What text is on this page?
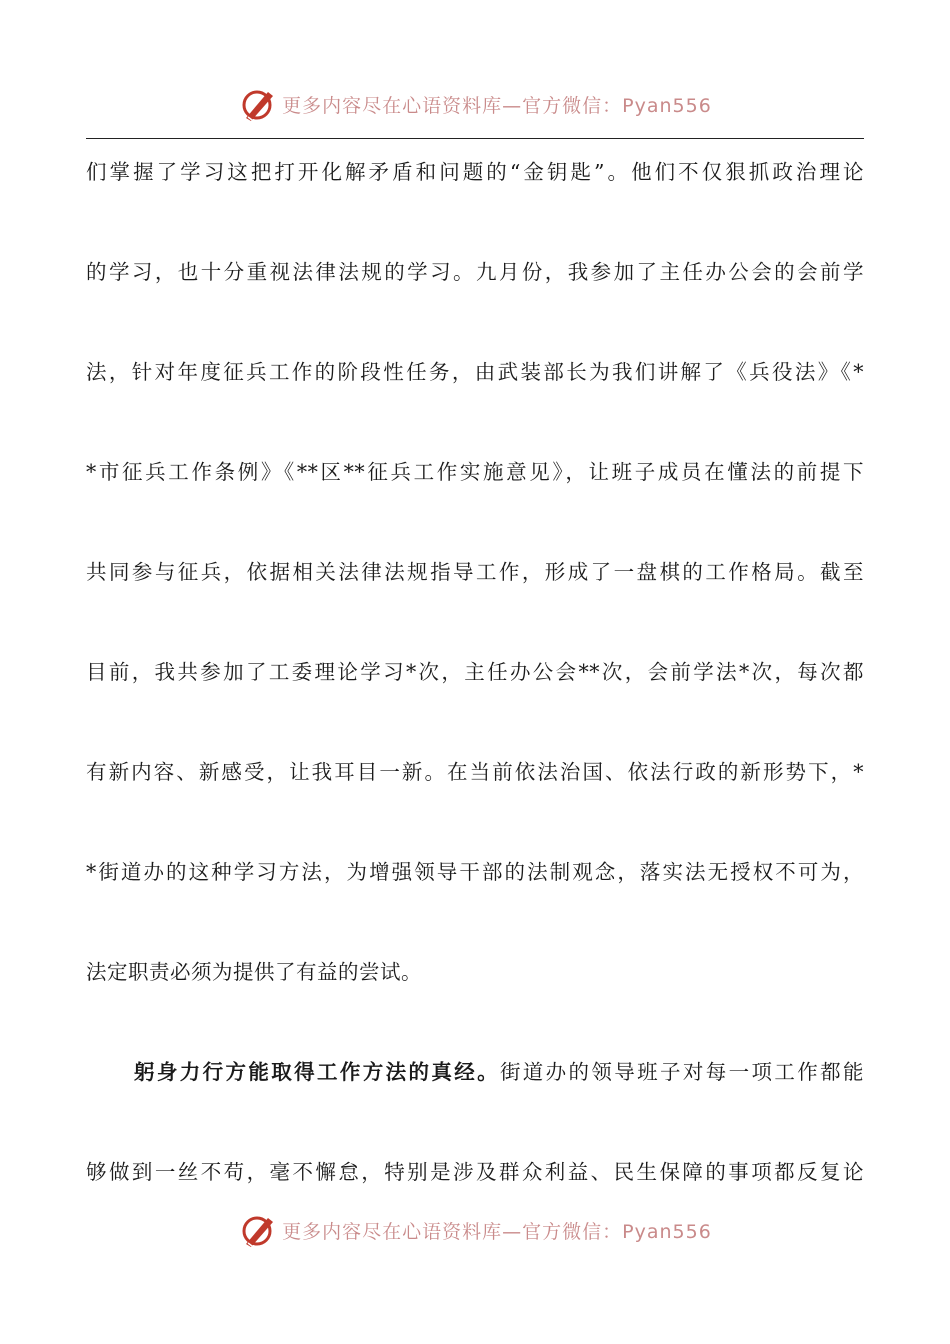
更多内容尽在心语资料库—官方微信：Pyan556
们掌握了学习这把打开化解矛盾和问题的“金钥匙”。他们不仅狠抓政治理论
的学习，也十分重视法律法规的学习。九月份，我参加了主任办公会的会前学
法，针对年度征兵工作的阶段性任务，由武装部长为我们讲解了《兵役法》《*
*市征兵工作条例》《**区**征兵工作实施意见》，让班子成员在懂法的前提下
共同参与征兵，依据相关法律法规指导工作，形成了一盘棋的工作格局。截至
目前，我共参加了工委理论学习*次，主任办公会**次，会前学法*次，每次都
有新内容、新感受，让我耳目一新。在当前依法治国、依法行政的新形势下，*
*街道办的这种学习方法，为增强领导干部的法制观念，落实法无授权不可为，
法定职责必须为提供了有益的尝试。
躬身力行方能取得工作方法的真经。街道办的领导班子对每一项工作都能
够做到一丝不苟，毫不懈怠，特别是涉及群众利益、民生保障的事项都反复论
更多内容尽在心语资料库—官方微信：Pyan556
